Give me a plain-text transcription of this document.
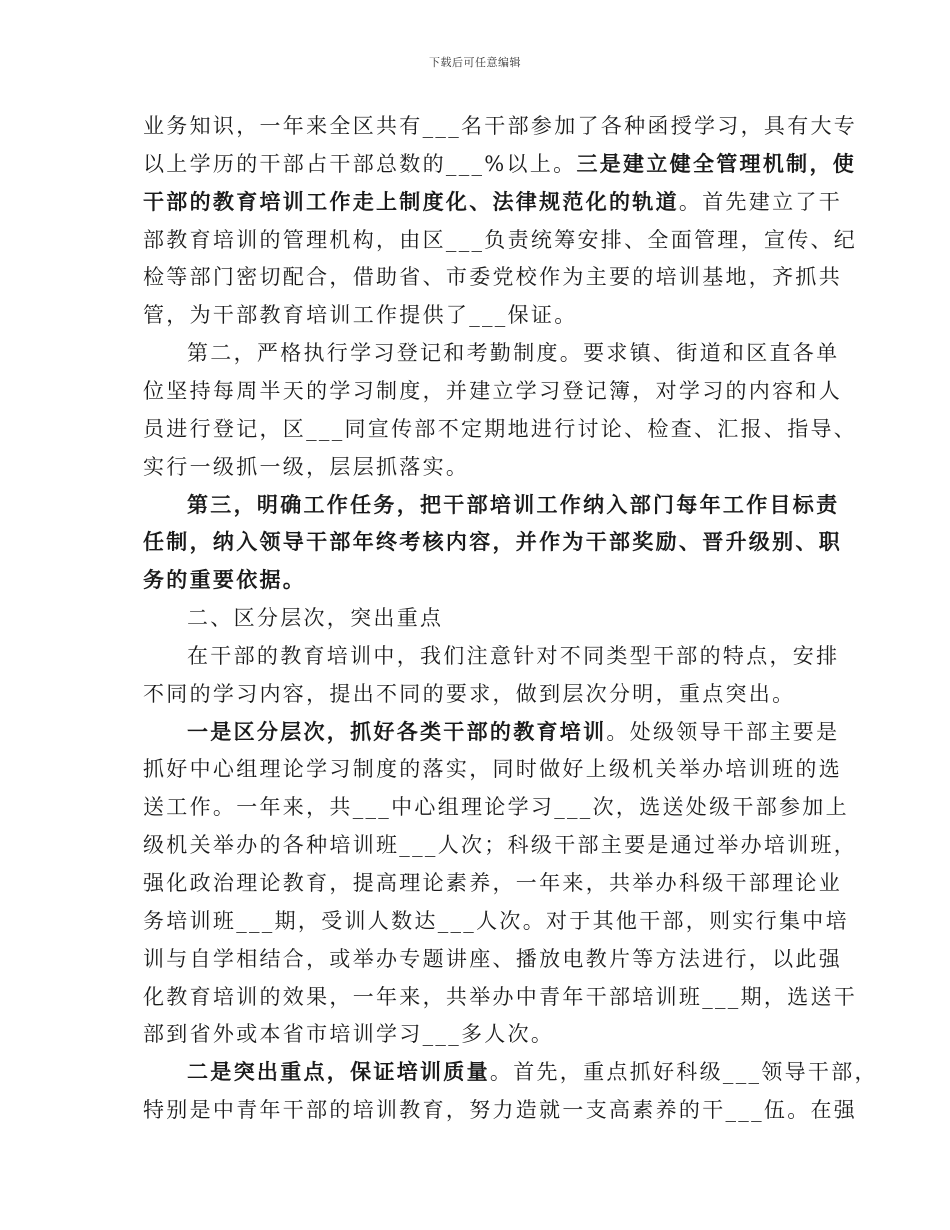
下载后可任意编辑
业务知识，一年来全区共有___名干部参加了各种函授学习，具有大专
以上学历的干部占干部总数的___%以上。三是建立健全管理机制，使
干部的教育培训工作走上制度化、法律规范化的轨道。首先建立了干
部教育培训的管理机构，由区___负责统筹安排、全面管理，宣传、纪
检等部门密切配合，借助省、市委党校作为主要的培训基地，齐抓共
管，为干部教育培训工作提供了___保证。
第二，严格执行学习登记和考勤制度。要求镇、街道和区直各单
位坚持每周半天的学习制度，并建立学习登记簿，对学习的内容和人
员进行登记，区___同宣传部不定期地进行讨论、检查、汇报、指导、
实行一级抓一级，层层抓落实。
第三，明确工作任务，把干部培训工作纳入部门每年工作目标责
任制，纳入领导干部年终考核内容，并作为干部奖励、晋升级别、职
务的重要依据。
二、区分层次，突出重点
在干部的教育培训中，我们注意针对不同类型干部的特点，安排
不同的学习内容，提出不同的要求，做到层次分明，重点突出。
一是区分层次，抓好各类干部的教育培训。处级领导干部主要是
抓好中心组理论学习制度的落实，同时做好上级机关举办培训班的选
送工作。一年来，共___中心组理论学习___次，选送处级干部参加上
级机关举办的各种培训班___人次；科级干部主要是通过举办培训班，
强化政治理论教育，提高理论素养，一年来，共举办科级干部理论业
务培训班___期，受训人数达___人次。对于其他干部，则实行集中培
训与自学相结合，或举办专题讲座、播放电教片等方法进行，以此强
化教育培训的效果，一年来，共举办中青年干部培训班___期，选送干
部到省外或本省市培训学习___多人次。
二是突出重点，保证培训质量。首先，重点抓好科级___领导干部，
特别是中青年干部的培训教育，努力造就一支高素养的干___伍。在强
